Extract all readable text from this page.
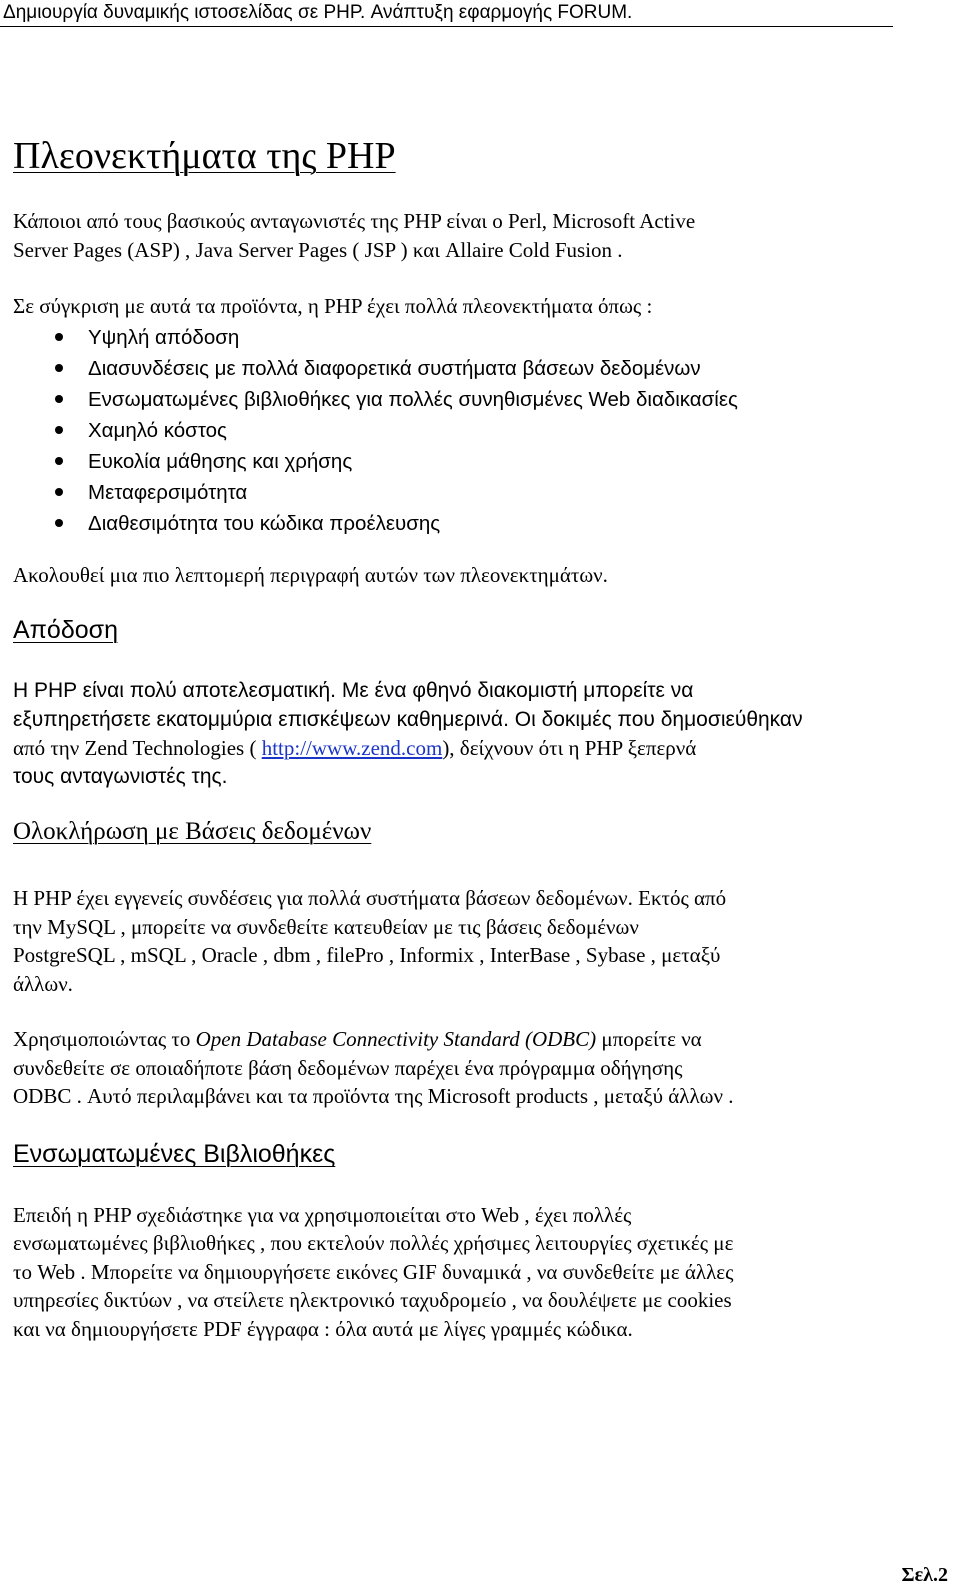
Δημιουργία δυναμικής ιστοσελίδας σε PHP. Ανάπτυξη εφαρμογής FORUM.
Πλεονεκτήματα της PHP
Κάποιοι από τους βασικούς ανταγωνιστές της PHP είναι ο Perl, Microsoft Active
Server Pages (ASP) , Java Server Pages ( JSP ) και Allaire Cold Fusion .
Σε σύγκριση με αυτά τα προϊόντα, η PHP έχει πολλά πλεονεκτήματα όπως :
Υψηλή απόδοση
Διασυνδέσεις με πολλά διαφορετικά συστήματα βάσεων δεδομένων
Ενσωματωμένες βιβλιοθήκες για πολλές συνηθισμένες Web διαδικασίες
Χαμηλό κόστος
Ευκολία μάθησης και χρήσης
Μεταφερσιμότητα
Διαθεσιμότητα του κώδικα προέλευσης
Ακολουθεί μια πιο λεπτομερή περιγραφή αυτών των πλεονεκτημάτων.
Απόδοση
Η PHP είναι πολύ αποτελεσματική. Με ένα φθηνό διακομιστή μπορείτε να
εξυπηρετήσετε εκατομμύρια επισκέψεων καθημερινά. Οι δοκιμές που δημοσιεύθηκαν
από την Zend Technologies ( http://www.zend.com), δείχνουν ότι η PHP ξεπερνά
τους ανταγωνιστές της.
Ολοκλήρωση με Βάσεις δεδομένων
Η PHP έχει εγγενείς συνδέσεις για πολλά συστήματα βάσεων δεδομένων. Εκτός από
την MySQL , μπορείτε να συνδεθείτε κατευθείαν με τις βάσεις δεδομένων
PostgreSQL , mSQL , Oracle , dbm , filePro , Informix , InterBase , Sybase , μεταξύ
άλλων.
Χρησιμοποιώντας το Open Database Connectivity Standard (ODBC) μπορείτε να
συνδεθείτε σε οποιαδήποτε βάση δεδομένων παρέχει ένα πρόγραμμα οδήγησης
ODBC . Αυτό περιλαμβάνει και τα προϊόντα της Microsoft products , μεταξύ άλλων .
Ενσωματωμένες Βιβλιοθήκες
Επειδή η PHP σχεδιάστηκε για να χρησιμοποιείται στο Web , έχει πολλές
ενσωματωμένες βιβλιοθήκες , που εκτελούν πολλές χρήσιμες λειτουργίες σχετικές με
το Web . Μπορείτε να δημιουργήσετε εικόνες GIF δυναμικά , να συνδεθείτε με άλλες
υπηρεσίες δικτύων , να στείλετε ηλεκτρονικό ταχυδρομείο , να δουλέψετε με cookies
και να δημιουργήσετε PDF έγγραφα : όλα αυτά με λίγες γραμμές κώδικα.
Σελ.2
